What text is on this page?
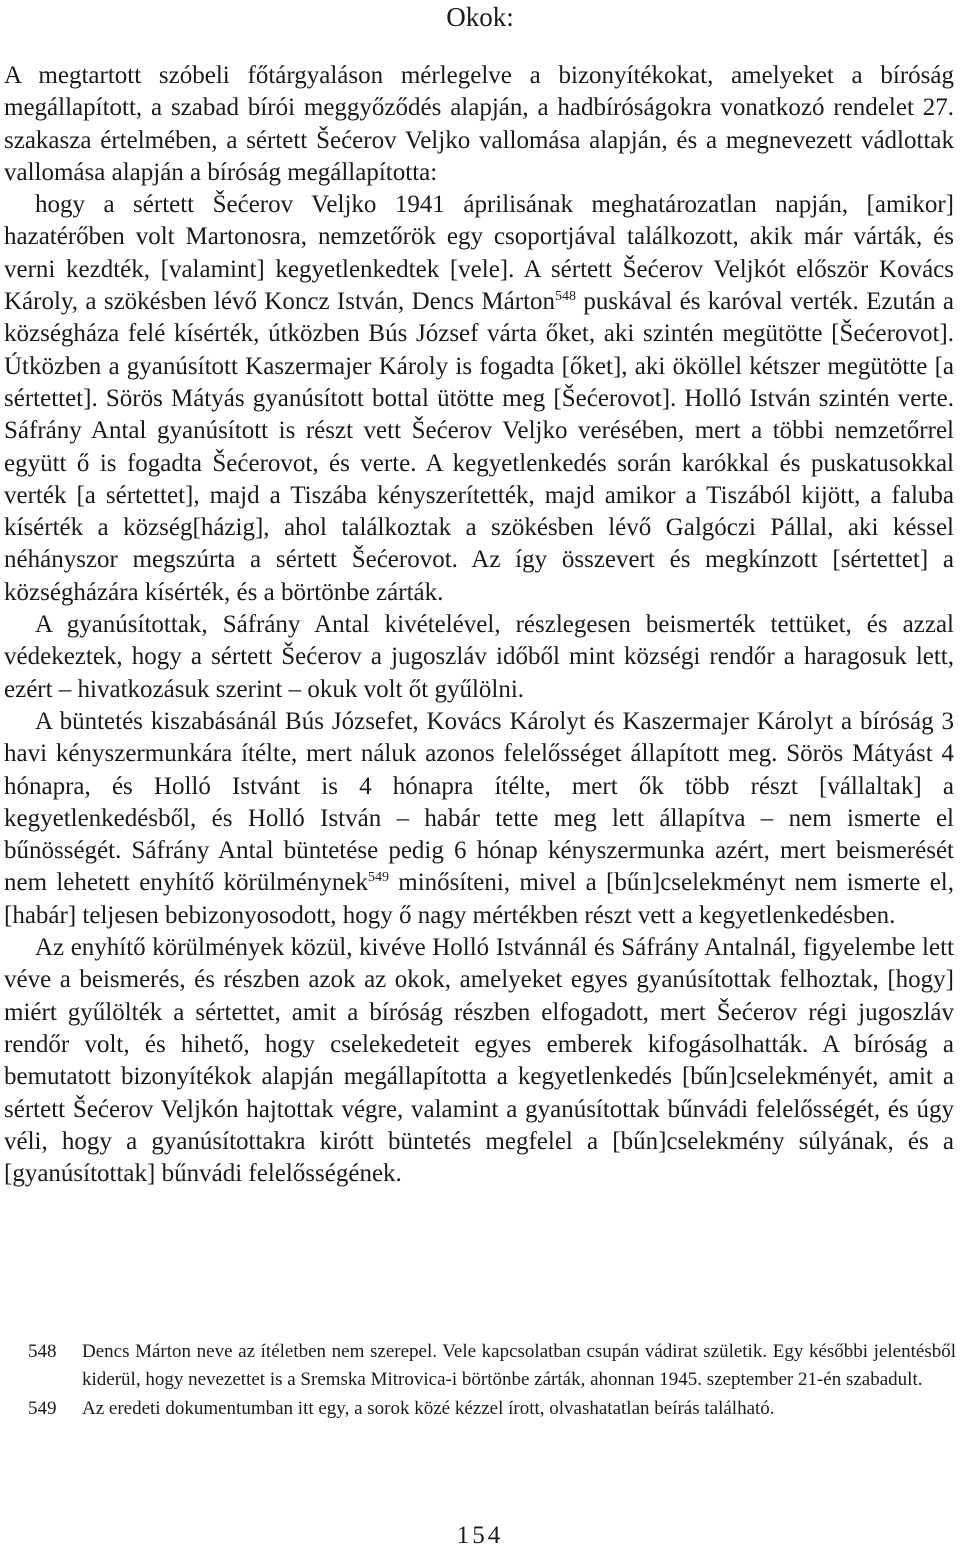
Okok:

A megtartott szóbeli főtárgyaláson mérlegelve a bizonyítékokat, amelyeket a bíróság megállapított, a szabad bírói meggyőződés alapján, a hadbíróságokra vonatkozó rendelet 27. szakasza értelmében, a sértett Šećerov Veljko vallomása alapján, és a megnevezett vádlottak vallomása alapján a bíróság megállapította:

hogy a sértett Šećerov Veljko 1941 áprilisának meghatározatlan napján, [amikor] hazatérőben volt Martonosra, nemzetőrök egy csoportjával találkozott, akik már várták, és verni kezdték, [valamint] kegyetlenkedtek [vele]. A sértett Šećerov Veljkót először Kovács Károly, a szökésben lévő Koncz István, Dencs Márton$^{548}$ puskával és karóval verték. Ezután a községháza felé kísérték, útközben Bús József várta őket, aki szintén megütötte [Šećerovot]. Útközben a gyanúsított Kaszermajer Károly is fogadta [őket], aki ököllel kétszer megütötte [a sértettet]. Sörös Mátyás gyanúsított bottal ütötte meg [Šećerovot]. Holló István szintén verte. Sáfrány Antal gyanúsított is részt vett Šećerov Veljko verésében, mert a többi nemzetőrrel együtt ő is fogadta Šećerovot, és verte. A kegyetlenkedés során karókkal és puskatusokkal verték [a sértettet], majd a Tiszába kényszerítették, majd amikor a Tiszából kijött, a faluba kísérték a község[házig], ahol találkoztak a szökésben lévő Galgóczi Pállal, aki késsel néhányszor megszúrta a sértett Šećerovot. Az így összevert és megkínzott [sértettet] a községházára kísérték, és a börtönbe zárták.

A gyanúsítottak, Sáfrány Antal kivételével, részlegesen beismerték tettüket, és azzal védekeztek, hogy a sértett Šećerov a jugoszláv időből mint községi rendőr a haragosuk lett, ezért – hivatkozásuk szerint – okuk volt őt gyűlölni.

A büntetés kiszabásánál Bús Józsefet, Kovács Károlyt és Kaszermajer Károlyt a bíróság 3 havi kényszermunkára ítélte, mert náluk azonos felelősséget állapított meg. Sörös Mátyást 4 hónapra, és Holló Istvánt is 4 hónapra ítélte, mert ők több részt [vállaltak] a kegyetlenkedésből, és Holló István – habár tette meg lett állapítva – nem ismerte el bűnösségét. Sáfrány Antal büntetése pedig 6 hónap kényszermunka azért, mert beismerését nem lehetett enyhítő körülménynek$^{549}$ minősíteni, mivel a [bűn]cselekményt nem ismerte el, [habár] teljesen bebizonyosodott, hogy ő nagy mértékben részt vett a kegyetlenkedésben.

Az enyhítő körülmények közül, kivéve Holló Istvánnál és Sáfrány Antalnál, figyelembe lett véve a beismerés, és részben azok az okok, amelyeket egyes gyanúsítottak felhoztak, [hogy] miért gyűlölték a sértettet, amit a bíróság részben elfogadott, mert Šećerov régi jugoszláv rendőr volt, és hihető, hogy cselekedeteit egyes emberek kifogásolhatták. A bíróság a bemutatott bizonyítékok alapján megállapította a kegyetlenkedés [bűn]cselekményét, amit a sértett Šećerov Veljkón hajtottak végre, valamint a gyanúsítottak bűnvádi felelősségét, és úgy véli, hogy a gyanúsítottakra kirótt büntetés megfelel a [bűn]cselekmény súlyának, és a [gyanúsítottak] bűnvádi felelősségének.

548	Dencs Márton neve az ítéletben nem szerepel. Vele kapcsolatban csupán vádirat születik. Egy későbbi jelentésből kiderül, hogy nevezettet is a Sremska Mitrovica-i börtönbe zárták, ahonnan 1945. szeptember 21-én szabadult.
549	Az eredeti dokumentumban itt egy, a sorok közé kézzel írott, olvashatatlan beírás található.
154
